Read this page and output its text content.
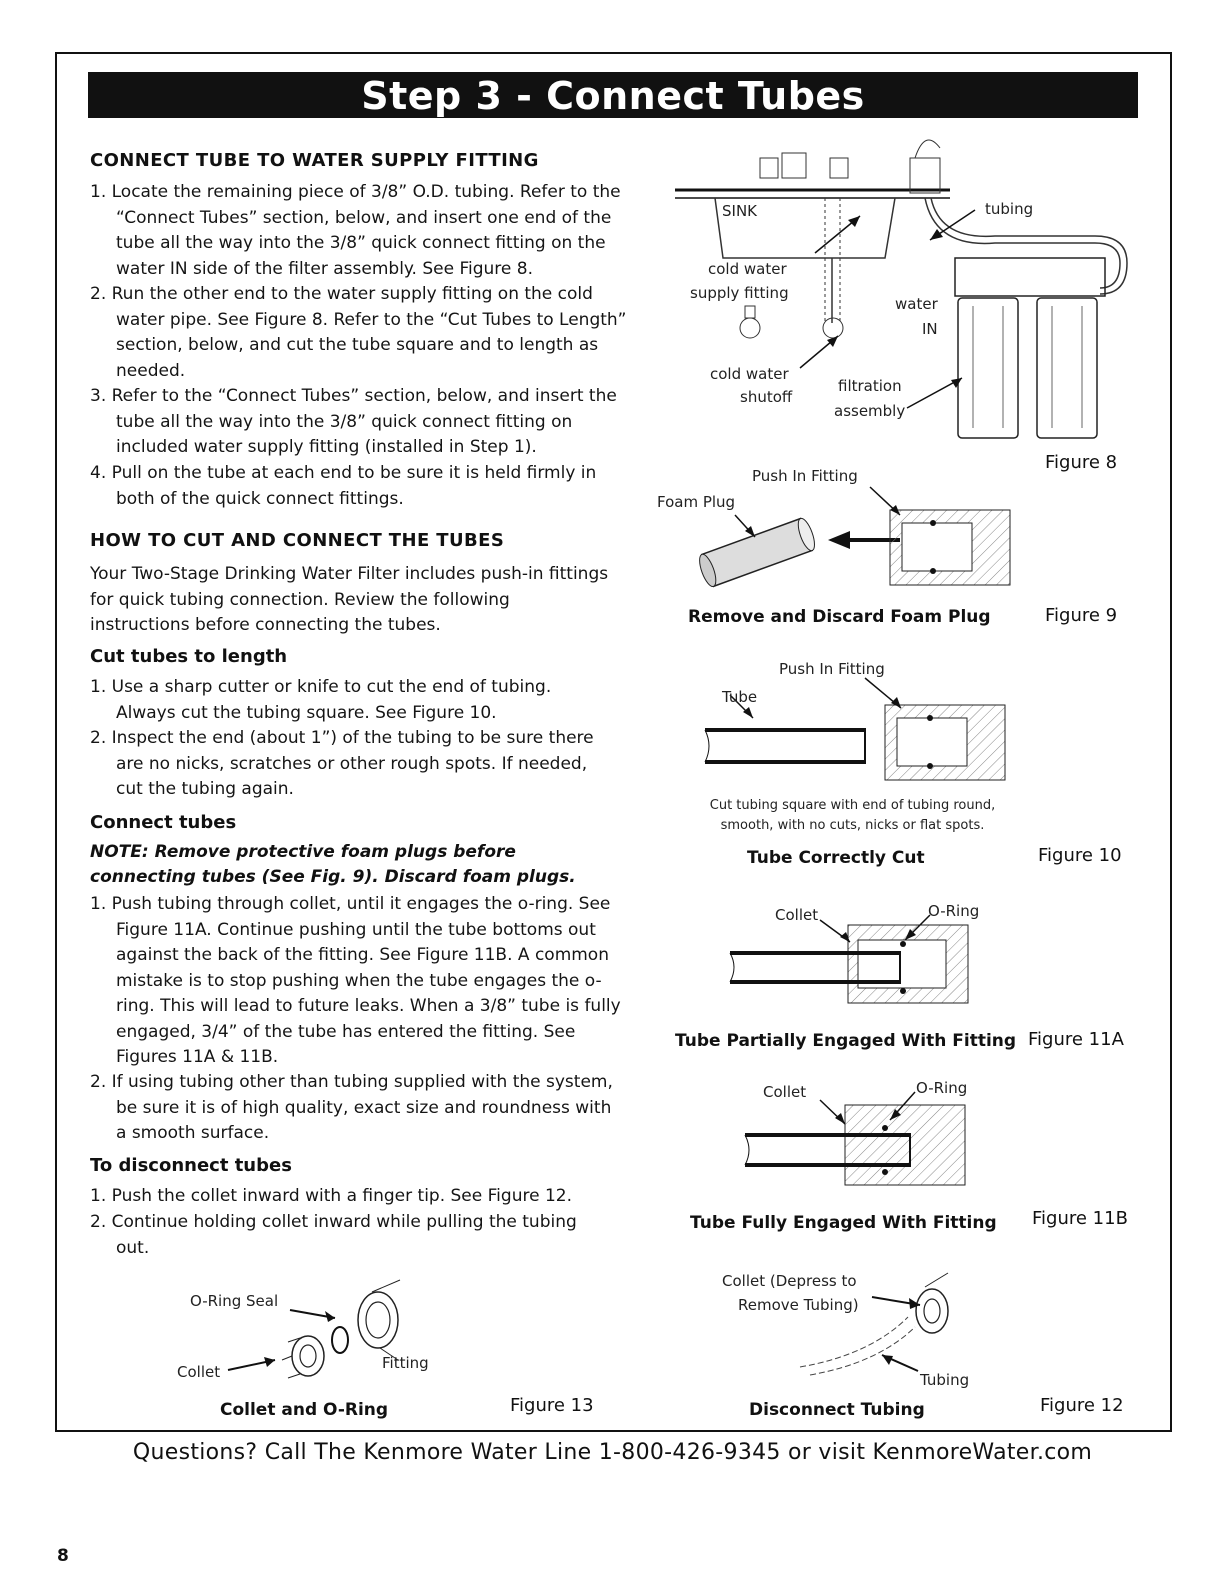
Step 3 - Connect Tubes
CONNECT TUBE TO WATER SUPPLY FITTING
1. Locate the remaining piece of 3/8” O.D. tubing. Refer to the “Connect Tubes” section, below, and insert one end of the tube all the way into the 3/8” quick connect fitting on the water IN side of the filter assembly. See Figure 8.
2. Run the other end to the water supply fitting on the cold water pipe. See Figure 8. Refer to the “Cut Tubes to Length” section, below, and cut the tube square and to length as needed.
3. Refer to the “Connect Tubes” section, below, and insert the tube all the way into the 3/8” quick connect fitting on included water supply fitting (installed in Step 1).
4. Pull on the tube at each end to be sure it is held firmly in both of the quick connect fittings.
HOW TO CUT AND CONNECT THE TUBES
Your Two-Stage Drinking Water Filter includes push-in fittings for quick tubing connection. Review the following instructions before connecting the tubes.
Cut tubes to length
1. Use a sharp cutter or knife to cut the end of tubing. Always cut the tubing square. See Figure 10.
2. Inspect the end (about 1”) of the tubing to be sure there are no nicks, scratches or other rough spots. If needed, cut the tubing again.
Connect tubes
NOTE: Remove protective foam plugs before connecting tubes (See Fig. 9). Discard foam plugs.
1. Push tubing through collet, until it engages the o-ring. See Figure 11A. Continue pushing until the tube bottoms out against the back of the fitting. See Figure 11B. A common mistake is to stop pushing when the tube engages the o-ring. This will lead to future leaks. When a 3/8” tube is fully engaged, 3/4” of the tube has entered the fitting. See Figures 11A & 11B.
2. If using tubing other than tubing supplied with the system, be sure it is of high quality, exact size and roundness with a smooth surface.
To disconnect tubes
1. Push the collet inward with a finger tip. See Figure 12.
2. Continue holding collet inward while pulling the tubing out.
O-Ring Seal
Collet	Fitting
Collet and O-Ring	Figure 13
SINK	tubing
cold water
supply fitting
water
IN
cold water
shutoff
filtration
assembly
Figure 8
Push In Fitting
Foam Plug
Remove and Discard Foam Plug	Figure 9
Push In Fitting
Tube
Cut tubing square with end of tubing round,
smooth, with no cuts, nicks or flat spots.
Tube Correctly Cut	Figure 10
Collet	O-Ring
Tube Partially Engaged With Fitting Figure 11A
Collet	O-Ring
Tube Fully Engaged With Fitting Figure 11B
Collet (Depress to
Remove Tubing)
Tubing
Disconnect Tubing	Figure 12
Questions? Call The Kenmore Water Line 1-800-426-9345 or visit KenmoreWater.com
8
